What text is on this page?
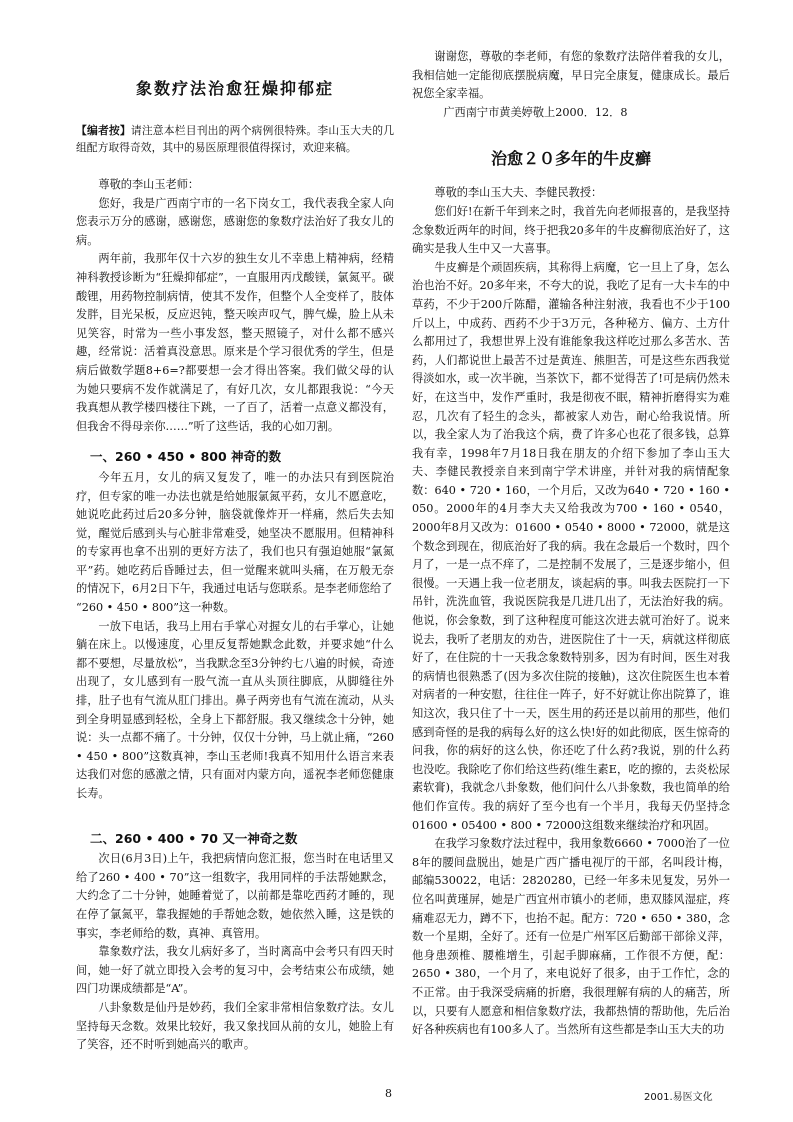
象数疗法治愈狂燥抑郁症
【编者按】请注意本栏目刊出的两个病例很特殊。李山玉大夫的几组配方取得奇效，其中的易医原理很值得探讨，欢迎来稿。

尊敬的李山玉老师：

您好，我是广西南宁市的一名下岗女工，我代表我全家人向您表示万分的感谢，感谢您，感谢您的象数疗法治好了我女儿的病。

两年前，我那年仅十六岁的独生女儿不幸患上精神病，经精神科教授诊断为“狂燥抑郁症”，一直服用丙戊酸镁，氯氮平。碳酸锂，用药物控制病情，使其不发作，但整个人全变样了，肢体发胖，目光呆板，反应迟钝，整天唉声叹气，脾气燥，脸上从未见笑容，时常为一些小事发怒，整天照镜子，对什么都不感兴趣，经常说：活着真没意思。原来是个学习很优秀的学生，但是病后做数学题8+6=?都要想一会才得出答案。我们做父母的认为她只要病不发作就满足了，有好几次，女儿都跟我说：“今天我真想从教学楼四楼往下跳，一了百了，活着一点意义都没有，但我舍不得母亲你……”听了这些话，我的心如刀割。

一、260 • 450 • 800 神奇的数

今年五月，女儿的病又复发了，唯一的办法只有到医院治疗，但专家的唯一办法也就是给她服氯氮平药，女儿不愿意吃，她说吃此药过后20多分钟，脑袋就像炸开一样痛，然后失去知觉，醒觉后感到头与心脏非常难受，她坚决不愿服用。但精神科的专家再也拿不出别的更好方法了，我们也只有强迫她服“氯氮平”药。她吃药后昏睡过去，但一觉醒来就叫头痛，在万般无奈的情况下，6月2日下午，我通过电话与您联系。是李老师您给了

“260 • 450 • 800”这一种数。

一放下电话，我马上用右手掌心对握女儿的右手掌心，让她躺在床上。以慢速度，心里反复帮她默念此数，并要求她“什么都不要想，尽量放松”，当我默念至3分钟约七八遍的时候，奇迹出现了，女儿感到有一股气流一直从头顶往脚底，从脚缝往外排，肚子也有气流从肛门排出。鼻子两旁也有气流在流动，从头到全身明显感到轻松，全身上下都舒服。我又继续念十分钟，她说：头一点都不痛了。十分钟，仅仅十分钟，马上就止痛，“260 • 450 • 800”这数真神，李山玉老师!我真不知用什么语言来表达我们对您的感激之情，只有面对内蒙方向，遥祝李老师您健康长寿。

二、260 • 400 • 70 又一神奇之数

次日(6月3日)上午，我把病情向您汇报，您当时在电话里又给了260 • 400 • 70”这一组数字，我用同样的手法帮她默念，大约念了二十分钟，她睡着觉了，以前都是靠吃西药才睡的，现在停了氯氮平，靠我握她的手帮她念数，她依然入睡，这是铁的事实，李老师给的数，真神、真管用。

靠象数疗法，我女儿病好多了，当时离高中会考只有四天时间，她一好了就立即投入会考的复习中，会考结束公布成绩，她四门功课成绩都是“A”。

八卦象数是仙丹是妙药，我们全家非常相信象数疗法。女儿坚持每天念数。效果比较好，我又象找回从前的女儿，她脸上有了笑容，还不时听到她高兴的歌声。

谢谢您，尊敬的李老师，有您的象数疗法陪伴着我的女儿，我相信她一定能彻底摆脱病魔，早日完全康复，健康成长。最后祝您全家幸福。

广西南宁市黄美婷敬上2000．12．8

治愈２０多年的牛皮癣

尊敬的李山玉大夫、李健民教授：

您们好!在新千年到来之时，我首先向老师报喜的，是我坚持念象数近两年的时间，终于把我20多年的牛皮癣彻底治好了，这确实是我人生中又一大喜事。

牛皮癣是个顽固疾病，其称得上病魔，它一旦上了身，怎么治也治不好。20多年来，不夸大的说，我吃了足有一大卡车的中草药，不少于200斤陈醋，灌输各种注射液，我看也不少于100斤以上，中成药、西药不少于3万元，各种秘方、偏方、土方什么都用过了，我想世界上没有谁能象我这样吃过那么多苦水、苦药，人们都说世上最苦不过是黄连、熊胆苦，可是这些东西我觉得淡如水，或一次半碗，当茶饮下，都不觉得苦了!可是病仍然未好，在这当中，发作严重时，我是彻夜不眠，精神折磨得实为难忍，几次有了轻生的念头，都被家人劝告，耐心给我说情。所以，我全家人为了治我这个病，费了许多心也花了很多钱，总算我有幸，1998年7月18日我在朋友的介绍下参加了李山玉大夫、李健民教授亲自来到南宁学术讲座，并针对我的病情配象数：640 • 720 • 160，一个月后，又改为640 • 720 • 160 • 050。2000年的4月李大夫又给我改为700 • 160 • 0540，2000年8月又改为：01600 • 0540 • 8000 • 72000，就是这个数念到现在，彻底治好了我的病。我在念最后一个数时，四个月了，一是一点不痒了，二是控制不发展了，三是逐步缩小，但很慢。一天遇上我一位老朋友，谈起病的事。叫我去医院打一下吊针，洗洗血管，我说医院我是几进几出了，无法治好我的病。他说，你会象数，到了这种程度可能这次进去就可治好了。说来说去，我听了老朋友的劝告，进医院住了十一天，病就这样彻底好了，在住院的十一天我念象数特别多，因为有时间，医生对我的病情也很熟悉了(因为多次住院的接触)，这次住院医生也本着对病者的一种安慰，往往住一阵子，好不好就让你出院算了，谁知这次，我只住了十一天，医生用的药还是以前用的那些，他们感到奇怪的是我的病每么好的这么快!好的如此彻底，医生惊奇的问我，你的病好的这么快，你还吃了什么药?我说，别的什么药也没吃。我除吃了你们给这些药(维生素E，吃的擦的，去炎松尿素软膏)，我就念八卦象数，他们问什么八卦象数，我也简单的给他们作宣传。我的病好了至今也有一个半月，我每天仍坚持念01600 • 05400 • 800 • 72000这组数来继续治疗和巩固。

在我学习象数疗法过程中，我用象数6660 • 7000治了一位8年的腰间盘脱出，她是广西广播电视厅的干部，名叫段计梅，邮编530022，电话：2820280，已经一年多未见复发，另外一位名叫黄瑾屏，她是广西宜州市镇小的老师，患双膝风湿症，疼痛难忍无力，蹲不下，也抬不起。配方：720 • 650 • 380，念数一个星期，全好了。还有一位是广州军区后勤部干部徐义萍，他身患颈椎、腰椎增生，引起手脚麻痛，工作很不方便，配：2650 • 380，一个月了，来电说好了很多，由于工作忙，念的不正常。由于我深受病痛的折磨，我很理解有病的人的痛苦，所以，只要有人愿意和相信象数疗法，我都热情的帮助他，先后治好各种疾病也有100多人了。当然所有这些都是李山玉大夫的功

8	2001.易医文化
